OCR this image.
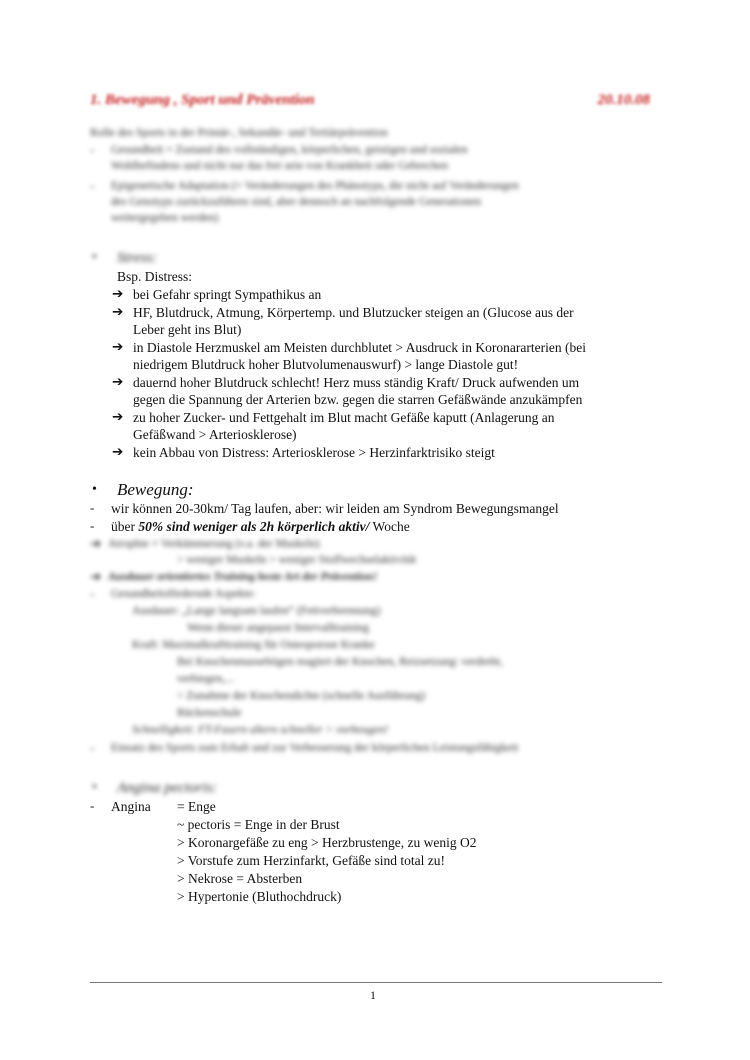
1. Bewegung , Sport und Prävention	20.10.08
Rolle des Sports in der Primär-, Sekundär- und Tertiärprävention
- Gesundheit = Zustand des vollständigen, körperlichen, geistigen und sozialen
Wohlbefindens und nicht nur das frei sein von Krankheit oder Gebrechen
- Epigenetische Adaptation (= Veränderungen des Phänotyps, die nicht auf Veränderungen
des Genotyps zurückzuführen sind, aber dennoch an nachfolgende Generationen
weitergegeben werden)
• Stress:
Bsp. Distress:
➔ bei Gefahr springt Sympathikus an
➔ HF, Blutdruck, Atmung, Körpertemp. und Blutzucker steigen an (Glucose aus der
Leber geht ins Blut)
➔ in Diastole Herzmuskel am Meisten durchblutet > Ausdruck in Koronararterien (bei
niedrigem Blutdruck hoher Blutvolumenauswurf) > lange Diastole gut!
➔ dauernd hoher Blutdruck schlecht! Herz muss ständig Kraft/ Druck aufwenden um
gegen die Spannung der Arterien bzw. gegen die starren Gefäßwände anzukämpfen
➔ zu hoher Zucker- und Fettgehalt im Blut macht Gefäße kaputt (Anlagerung an
Gefäßwand > Arteriosklerose)
➔ kein Abbau von Distress: Arteriosklerose > Herzinfarktrisiko steigt
• Bewegung:
- wir können 20-30km/ Tag laufen, aber: wir leiden am Syndrom Bewegungsmangel
- über 50% sind weniger als 2h körperlich aktiv/ Woche
➔ Atrophie = Verkümmerung (v.a. der Muskeln)
> weniger Muskeln > weniger Stoffwechselaktivität
➔ Ausdauer orientiertes Training beste Art der Prävention!
- Gesundheitsfördernde Aspekte:
Ausdauer: „Lange langsam laufen“ (Fettverbrennung)
Wenn dieser angepasst Intervalltraining
Kraft: Maximalkrafttraining für Osteoporose Kranke
Bei Knochenmassebögen reagiert der Knochen, Reizsetzung: verdreht,
verbiegen,...
> Zunahme der Knochendichte (schnelle Ausführung)
Rückenschule
Schnelligkeit: FT-Fasern altern schneller > vorbeugen!
- Einsatz des Sports zum Erhalt und zur Verbesserung der körperlichen Leistungsfähigkeit
• Angina pectoris:
- Angina = Enge
~ pectoris = Enge in der Brust
> Koronargefäße zu eng > Herzbrustenge, zu wenig O2
> Vorstufe zum Herzinfarkt, Gefäße sind total zu!
> Nekrose = Absterben
> Hypertonie (Bluthochdruck)
1
